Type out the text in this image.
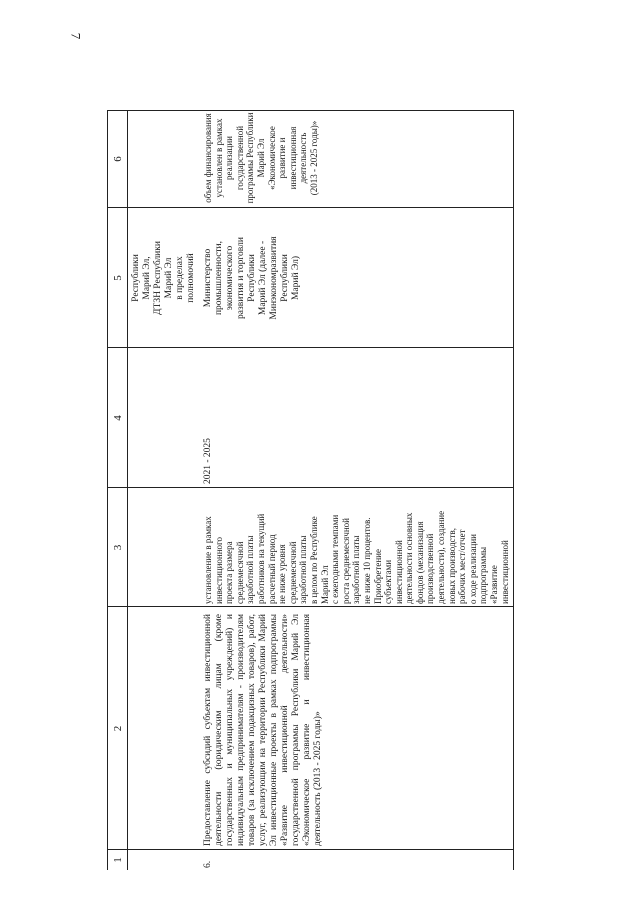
7
1
2
3
4
5
6
Республики
Марий Эл,
ДТЗН Республики
Марий Эл
в пределах
полномочий
6.
Предоставление субсидий субъектам инвестиционной деятельности (юридическим лицам (кроме государственных и муниципальных учреждений) и индивидуальным предпринимателям - производителям товаров (за исключением подакцизных товаров), работ, услуг, реализующим на территории Республики Марий Эл инвестиционные проекты в рамках подпрограммы «Развитие инвестиционной деятельности» государственной программы Республики Марий Эл «Экономическое развитие и инвестиционная деятельность (2013 - 2025 годы)»
установление в рамках
инвестиционного
проекта размера
среднемесячной
заработной платы
работников на текущий
расчетный период
не ниже уровня
среднемесячной
заработной платы
в целом по Республике
Марий Эл
с ежегодными темпами
роста среднемесячной
заработной платы
не ниже 10 процентов.
Приобретение
субъектами
инвестиционной
деятельности основных
фондов (механизация
производственной
деятельности), создание
новых производств,
рабочих мест/отчет
о ходе реализации
подпрограммы
«Развитие
инвестиционной
2021 - 2025
Министерство
промышленности,
экономического
развития и торговли
Республики
Марий Эл (далее -
Минэкономразвития
Республики
Марий Эл)
объем финансирования
установлен в рамках
реализации
государственной
программы Республики
Марий Эл «Экономическое
развитие и инвестиционная
деятельность
(2013 - 2025 годы)»
